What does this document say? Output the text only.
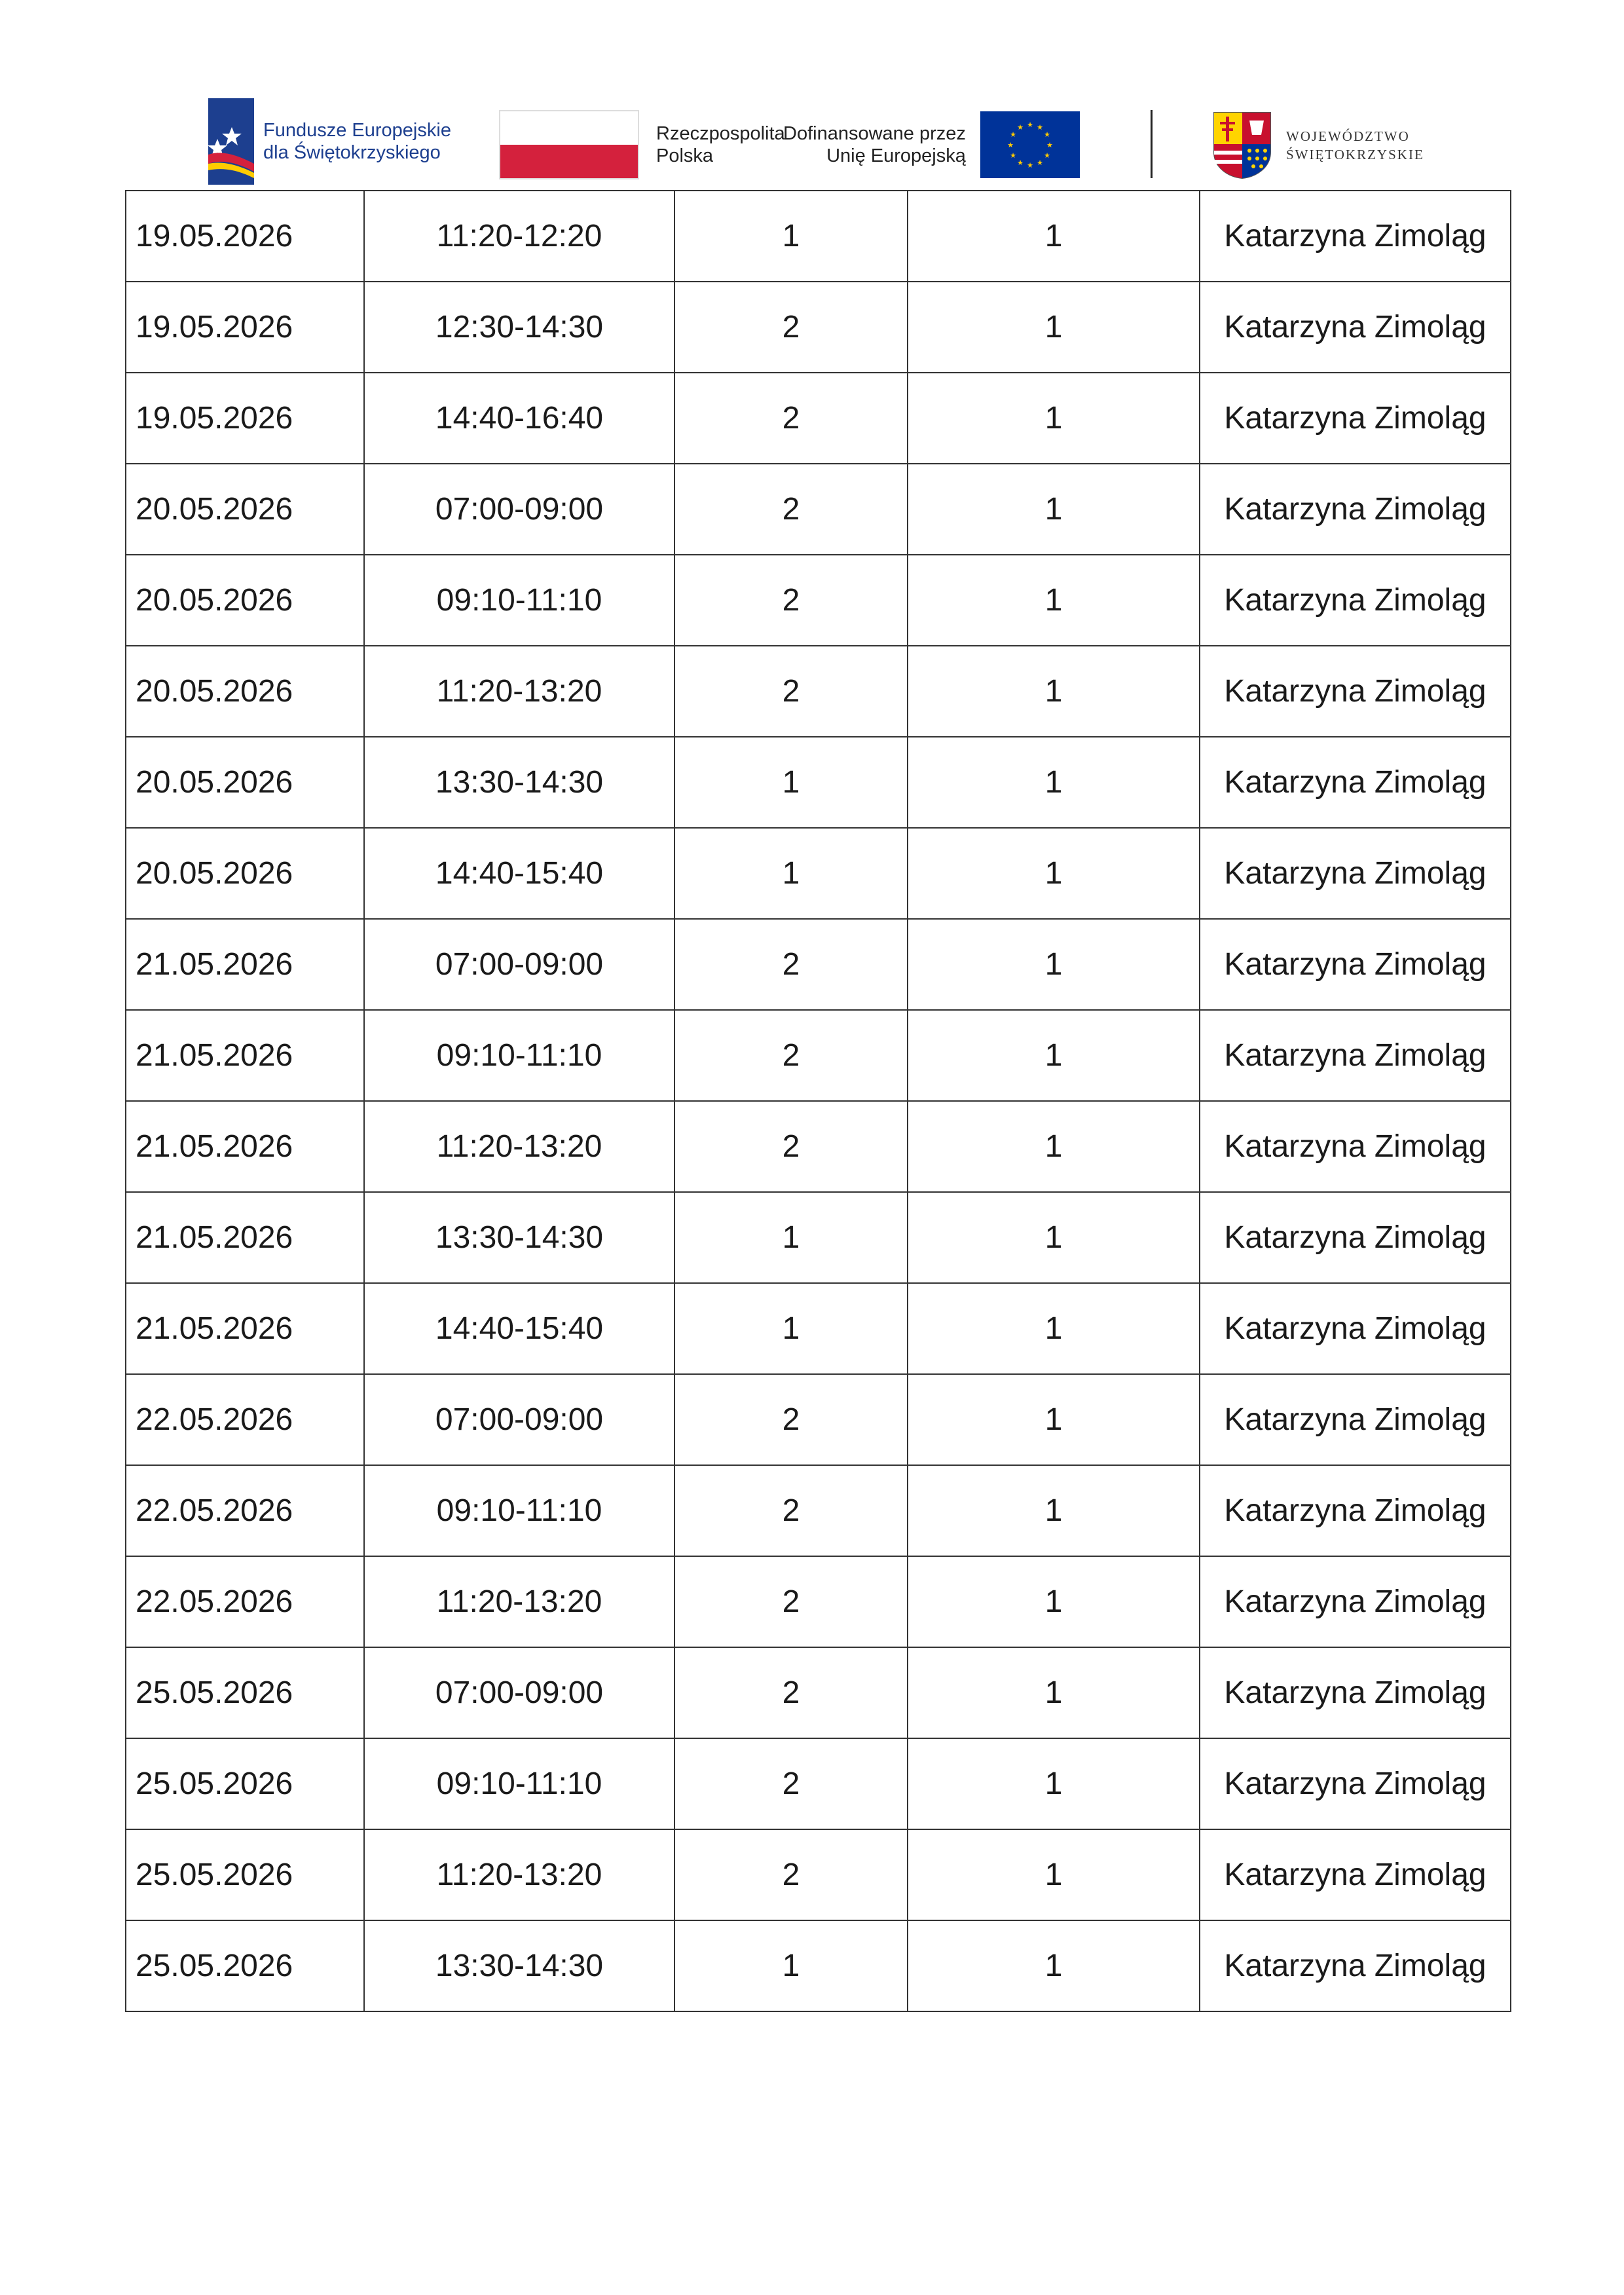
Fundusze Europejskie
dla Świętokrzyskiego
Rzeczpospolita
Polska
Dofinansowane przez
Unię Europejską
★ ★
★
★
★
★
★
★
★
★
★
★
WOJEWÓDZTWO
ŚWIĘTOKRZYSKIE
19.05.2026	11:20-12:20	1	1	Katarzyna Zimoląg
19.05.2026	12:30-14:30	2	1	Katarzyna Zimoląg
19.05.2026	14:40-16:40	2	1	Katarzyna Zimoląg
20.05.2026	07:00-09:00	2	1	Katarzyna Zimoląg
20.05.2026	09:10-11:10	2	1	Katarzyna Zimoląg
20.05.2026	11:20-13:20	2	1	Katarzyna Zimoląg
20.05.2026	13:30-14:30	1	1	Katarzyna Zimoląg
20.05.2026	14:40-15:40	1	1	Katarzyna Zimoląg
21.05.2026	07:00-09:00	2	1	Katarzyna Zimoląg
21.05.2026	09:10-11:10	2	1	Katarzyna Zimoląg
21.05.2026	11:20-13:20	2	1	Katarzyna Zimoląg
21.05.2026	13:30-14:30	1	1	Katarzyna Zimoląg
21.05.2026	14:40-15:40	1	1	Katarzyna Zimoląg
22.05.2026	07:00-09:00	2	1	Katarzyna Zimoląg
22.05.2026	09:10-11:10	2	1	Katarzyna Zimoląg
22.05.2026	11:20-13:20	2	1	Katarzyna Zimoląg
25.05.2026	07:00-09:00	2	1	Katarzyna Zimoląg
25.05.2026	09:10-11:10	2	1	Katarzyna Zimoląg
25.05.2026	11:20-13:20	2	1	Katarzyna Zimoląg
25.05.2026	13:30-14:30	1	1	Katarzyna Zimoląg
